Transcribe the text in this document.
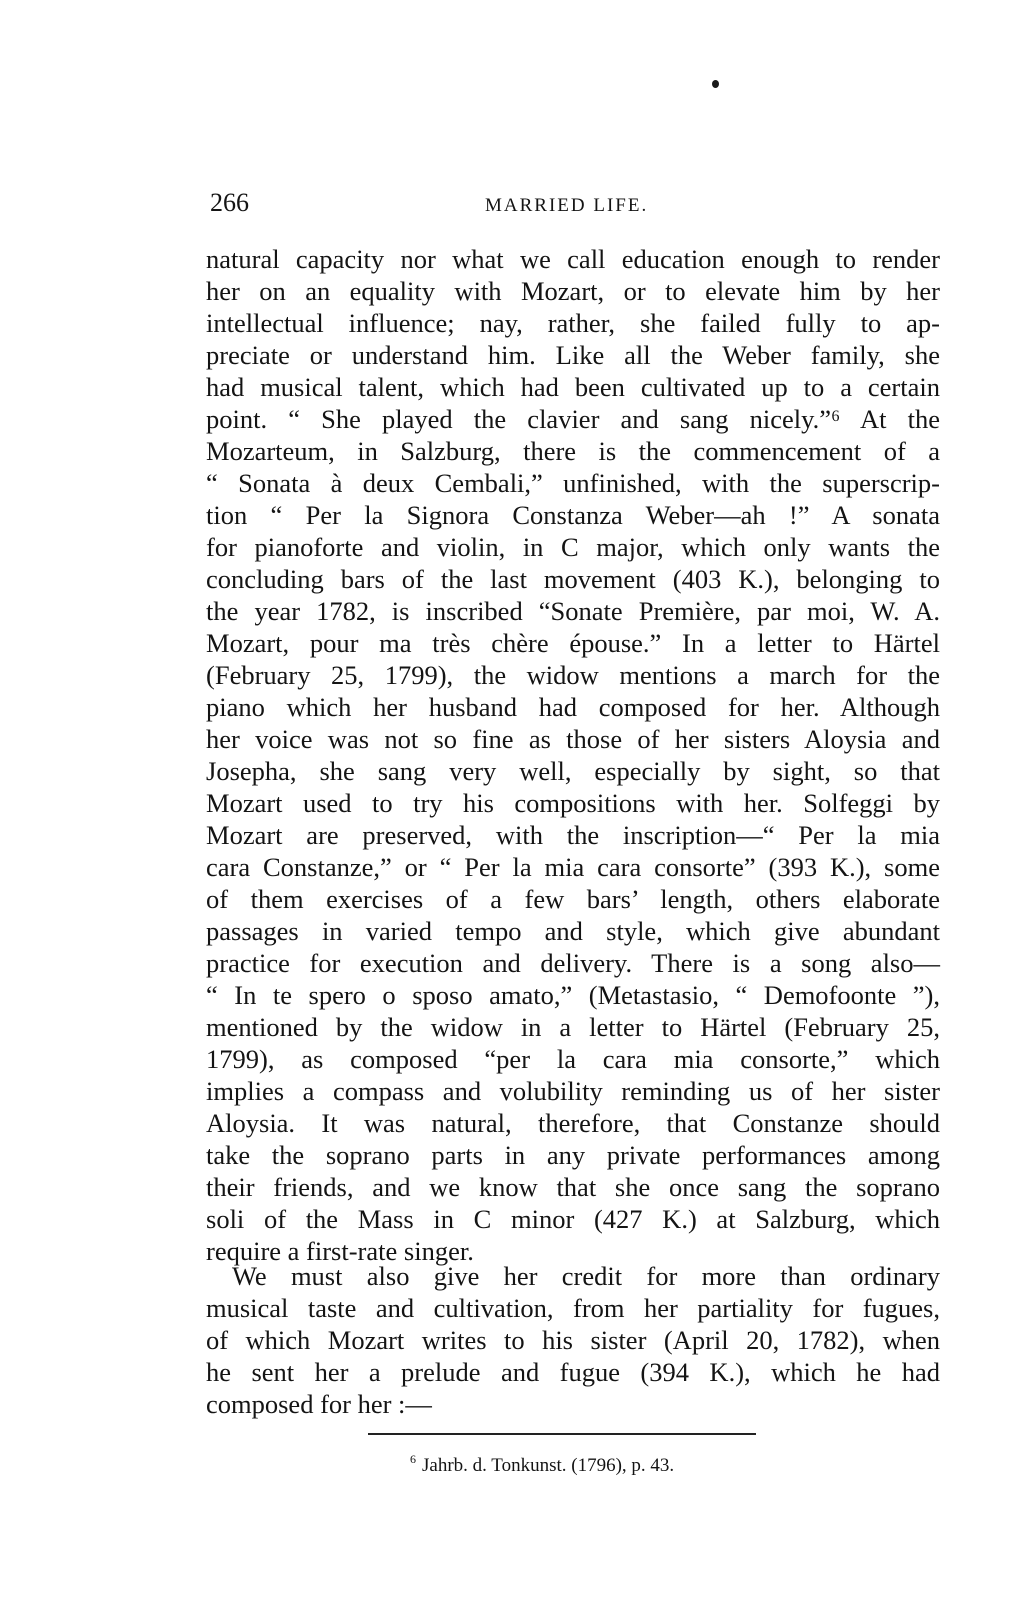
266	MARRIED LIFE.
natural capacity nor what we call education enough to render
her on an equality with Mozart, or to elevate him by her
intellectual influence; nay, rather, she failed fully to ap-
preciate or understand him. Like all the Weber family, she
had musical talent, which had been cultivated up to a certain
point. “ She played the clavier and sang nicely.”⁶ At the
Mozarteum, in Salzburg, there is the commencement of a
“ Sonata à deux Cembali,” unfinished, with the superscrip-
tion “ Per la Signora Constanza Weber—ah !” A sonata
for pianoforte and violin, in C major, which only wants the
concluding bars of the last movement (403 K.), belonging to
the year 1782, is inscribed “Sonate Première, par moi, W. A.
Mozart, pour ma très chère épouse.” In a letter to Härtel
(February 25, 1799), the widow mentions a march for the
piano which her husband had composed for her. Although
her voice was not so fine as those of her sisters Aloysia and
Josepha, she sang very well, especially by sight, so that
Mozart used to try his compositions with her. Solfeggi by
Mozart are preserved, with the inscription—“ Per la mia
cara Constanze,” or “ Per la mia cara consorte” (393 K.), some
of them exercises of a few bars’ length, others elaborate
passages in varied tempo and style, which give abundant
practice for execution and delivery. There is a song also—
“ In te spero o sposo amato,” (Metastasio, “ Demofoonte ”),
mentioned by the widow in a letter to Härtel (February 25,
1799), as composed “per la cara mia consorte,” which
implies a compass and volubility reminding us of her sister
Aloysia. It was natural, therefore, that Constanze should
take the soprano parts in any private performances among
their friends, and we know that she once sang the soprano
soli of the Mass in C minor (427 K.) at Salzburg, which
require a first-rate singer.
We must also give her credit for more than ordinary
musical taste and cultivation, from her partiality for fugues,
of which Mozart writes to his sister (April 20, 1782), when
he sent her a prelude and fugue (394 K.), which he had
composed for her :—
$^6$ Jahrb. d. Tonkunst. (1796), p. 43.
